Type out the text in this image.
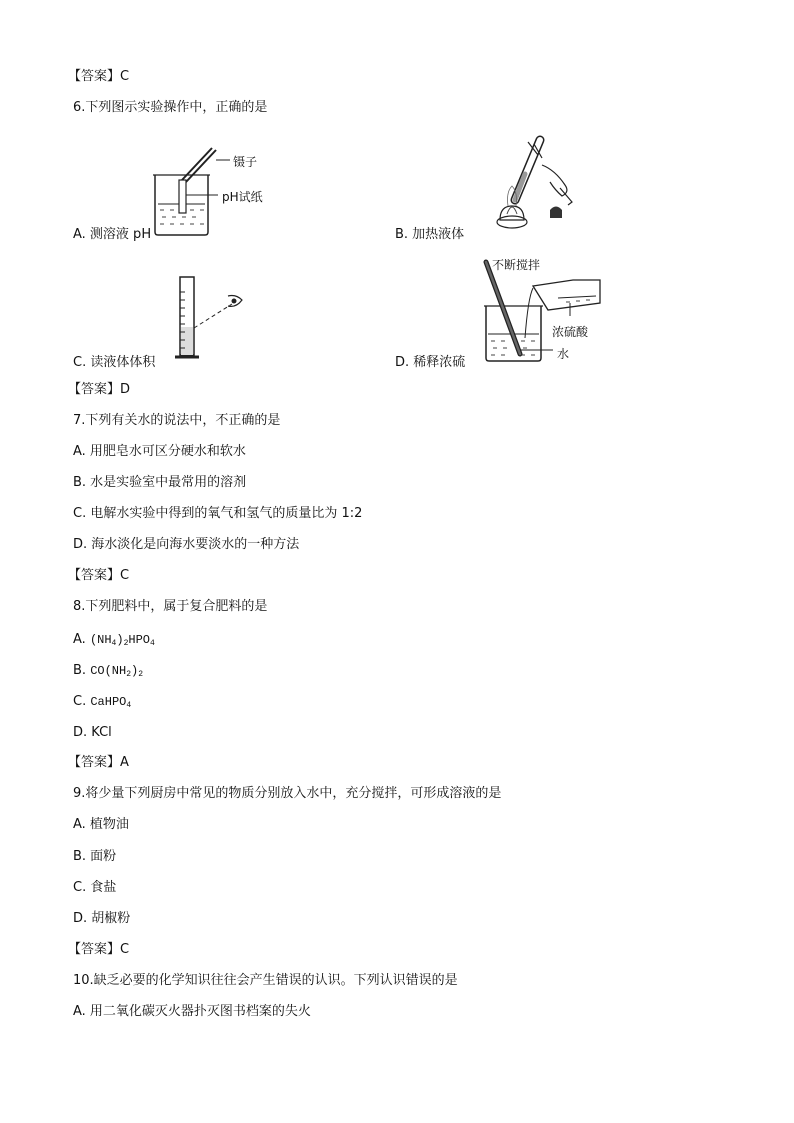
【答案】C
6.下列图示实验操作中，正确的是
镊子
pH试纸
A. 测溶液 pH	B. 加热液体
C. 读液体体积
不断搅拌
浓硫酸
水
D. 稀释浓硫
【答案】D
7.下列有关水的说法中，不正确的是
A. 用肥皂水可区分硬水和软水
B. 水是实验室中最常用的溶剂
C. 电解水实验中得到的氧气和氢气的质量比为 1:2
D. 海水淡化是向海水要淡水的一种方法
【答案】C
8.下列肥料中，属于复合肥料的是
A. $(NH_4)_2HPO_4$
B. $CO(NH_2)_2$
C. CaHPO$_4$
D. KCl
【答案】A
9.将少量下列厨房中常见的物质分别放入水中，充分搅拌，可形成溶液的是
A. 植物油
B. 面粉
C. 食盐
D. 胡椒粉
【答案】C
10.缺乏必要的化学知识往往会产生错误的认识。下列认识错误的是
A. 用二氧化碳灭火器扑灭图书档案的失火
